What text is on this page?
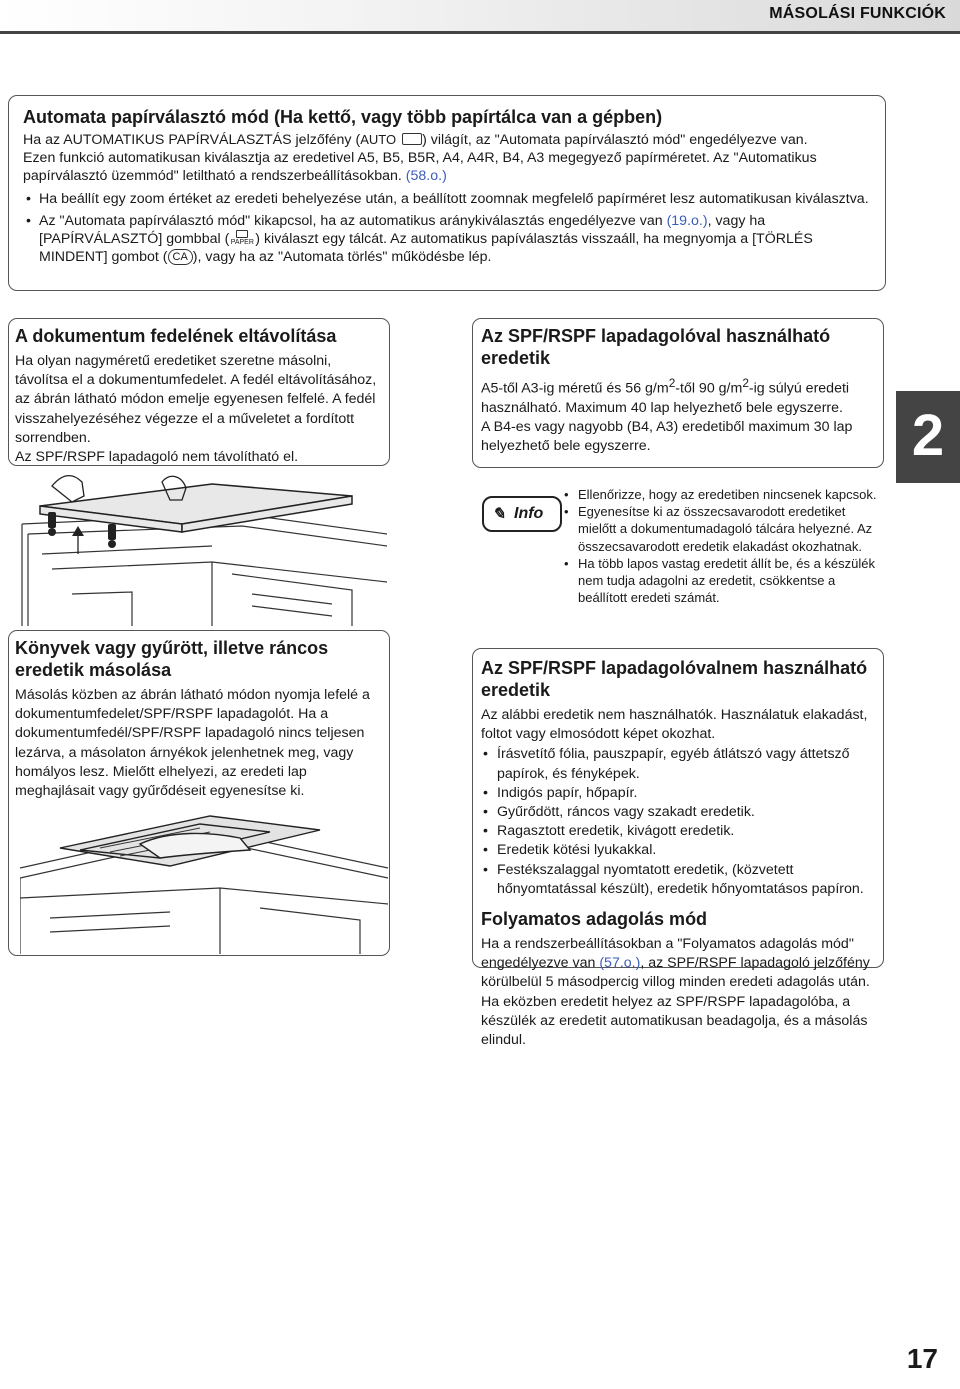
MÁSOLÁSI FUNKCIÓK
Automata papírválasztó mód (Ha kettő, vagy több papírtálca van a gépben)

Ha az AUTOMATIKUS PAPÍRVÁLASZTÁS jelzőfény (AUTO ) világít, az "Automata papírválasztó mód" engedélyezve van.

Ezen funkció automatikusan kiválasztja az eredetivel A5, B5, B5R, A4, A4R, B4, A3 megegyező papírméretet. Az "Automatikus papírválasztó üzemmód" letiltható a rendszerbeállításokban. (58.o.)

• Ha beállít egy zoom értéket az eredeti behelyezése után, a beállított zoomnak megfelelő papírméret lesz automatikusan kiválasztva.
• Az "Automata papírválasztó mód" kikapcsol, ha az automatikus aránykiválasztás engedélyezve van (19.o.), vagy ha [PAPÍRVÁLASZTÓ] gombbal ( PAPER ) kiválaszt egy tálcát. Az automatikus papíválasztás visszaáll, ha megnyomja a [TÖRLÉS MINDENT] gombot ( CA ), vagy ha az "Automata törlés" működésbe lép.
A dokumentum fedelének eltávolítása
Ha olyan nagyméretű eredetiket szeretne másolni, távolítsa el a dokumentumfedelet. A fedél eltávolításához, az ábrán látható módon emelje egyenesen felfelé. A fedél visszahelyezéséhez végezze el a műveletet a fordított sorrendben.
Az SPF/RSPF lapadagoló nem távolítható el.
Könyvek vagy gyűrött, illetve ráncos eredetik másolása
Másolás közben az ábrán látható módon nyomja lefelé a dokumentumfedelet/SPF/RSPF lapadagolót. Ha a dokumentumfedél/SPF/RSPF lapadagoló nincs teljesen lezárva, a másolaton árnyékok jelenhetnek meg, vagy homályos lesz. Mielőtt elhelyezi, az eredeti lap meghajlásait vagy gyűrődéseit egyenesítse ki.
Az SPF/RSPF lapadagolóval használható eredetik
A5-től A3-ig méretű és 56 $g/m^2$-től 90 $g/m^2-ig$ súlyú eredeti használható. Maximum 40 lap helyezhető bele egyszerre.
A B4-es vagy nagyobb (B4, A3) eredetiből maximum 30 lap helyezhető bele egyszerre.
✎ Info
• Ellenőrizze, hogy az eredetiben nincsenek kapcsok.
• Egyenesítse ki az összecsavarodott eredetiket mielőtt a dokumentumadagoló tálcára helyezné. Az összecsavarodott eredetik elakadást okozhatnak.
• Ha több lapos vastag eredetit állít be, és a készülék nem tudja adagolni az eredetit, csökkentse a beállított eredeti számát.
Az SPF/RSPF lapadagolóvalnem használható eredetik
Az alábbi eredetik nem használhatók. Használatuk elakadást, foltot vagy elmosódott képet okozhat.
• Írásvetítő fólia, pauszpapír, egyéb átlátszó vagy áttetsző papírok, és fényképek.
• Indigós papír, hőpapír.
• Gyűrődött, ráncos vagy szakadt eredetik.
• Ragasztott eredetik, kivágott eredetik.
• Eredetik kötési lyukakkal.
• Festékszalaggal nyomtatott eredetik, (közvetett hőnyomtatással készült), eredetik hőnyomtatásos papíron.
Folyamatos adagolás mód
Ha a rendszerbeállításokban a "Folyamatos adagolás mód" engedélyezve van (57.o.), az SPF/RSPF lapadagoló jelzőfény körülbelül 5 másodpercig villog minden eredeti adagolás után. Ha eközben eredetit helyez az SPF/RSPF lapadagolóba, a készülék az eredetit automatikusan beadagolja, és a másolás elindul.
2
17
